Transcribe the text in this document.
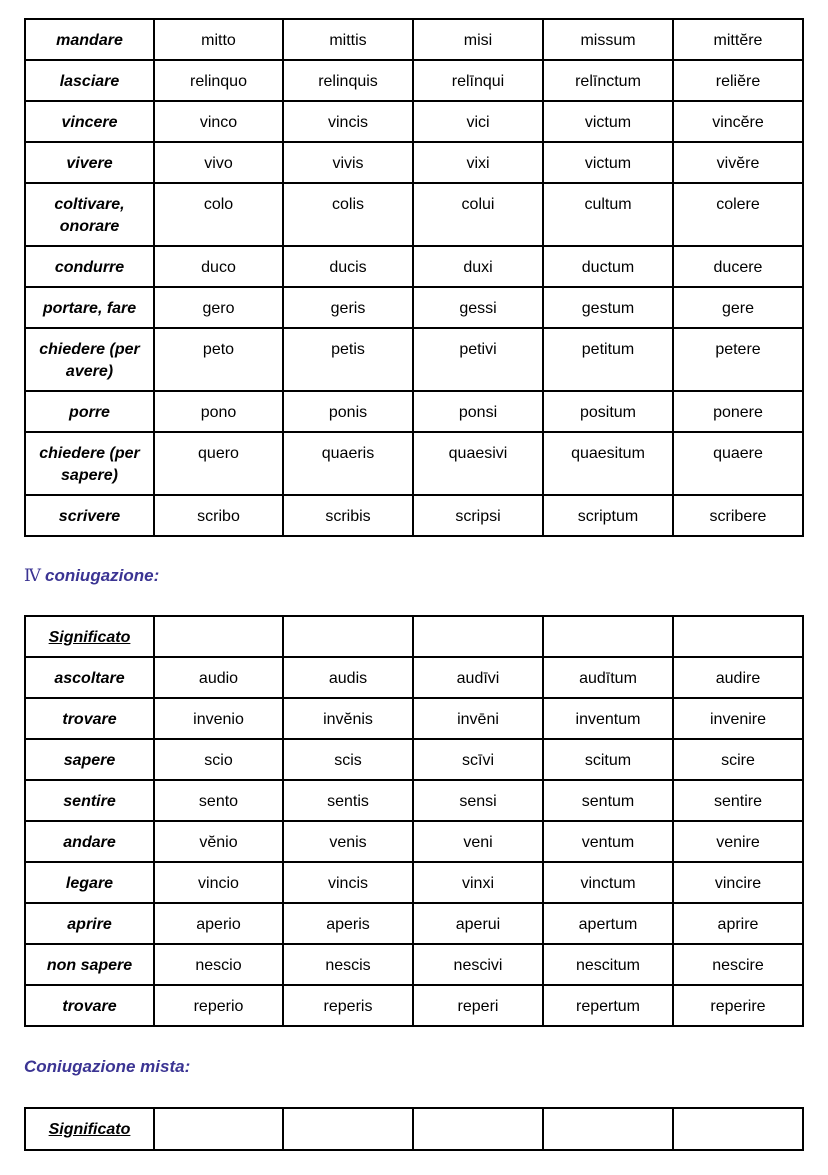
mandare	mitto	mittis	misi	missum	mittĕre
lasciare	relinquo	relinquis	relīnqui	relīnctum	reliĕre
vincere	vinco	vincis	vici	victum	vincĕre
vivere	vivo	vivis	vixi	victum	vivĕre
coltivare, onorare	colo	colis	colui	cultum	colere
condurre	duco	ducis	duxi	ductum	ducere
portare, fare	gero	geris	gessi	gestum	gere
chiedere (per avere)	peto	petis	petivi	petitum	petere
porre	pono	ponis	ponsi	positum	ponere
chiedere (per sapere)	quero	quaeris	quaesivi	quaesitum	quaere
scrivere	scribo	scribis	scripsi	scriptum	scribere
Ⅳ coniugazione:
Significato					
ascoltare	audio	audis	audīvi	audītum	audire
trovare	invenio	invĕnis	invēni	inventum	invenire
sapere	scio	scis	scīvi	scitum	scire
sentire	sento	sentis	sensi	sentum	sentire
andare	vĕnio	venis	veni	ventum	venire
legare	vincio	vincis	vinxi	vinctum	vincire
aprire	aperio	aperis	aperui	apertum	aprire
non sapere	nescio	nescis	nescivi	nescitum	nescire
trovare	reperio	reperis	reperi	repertum	reperire
Coniugazione mista:
Significato					
